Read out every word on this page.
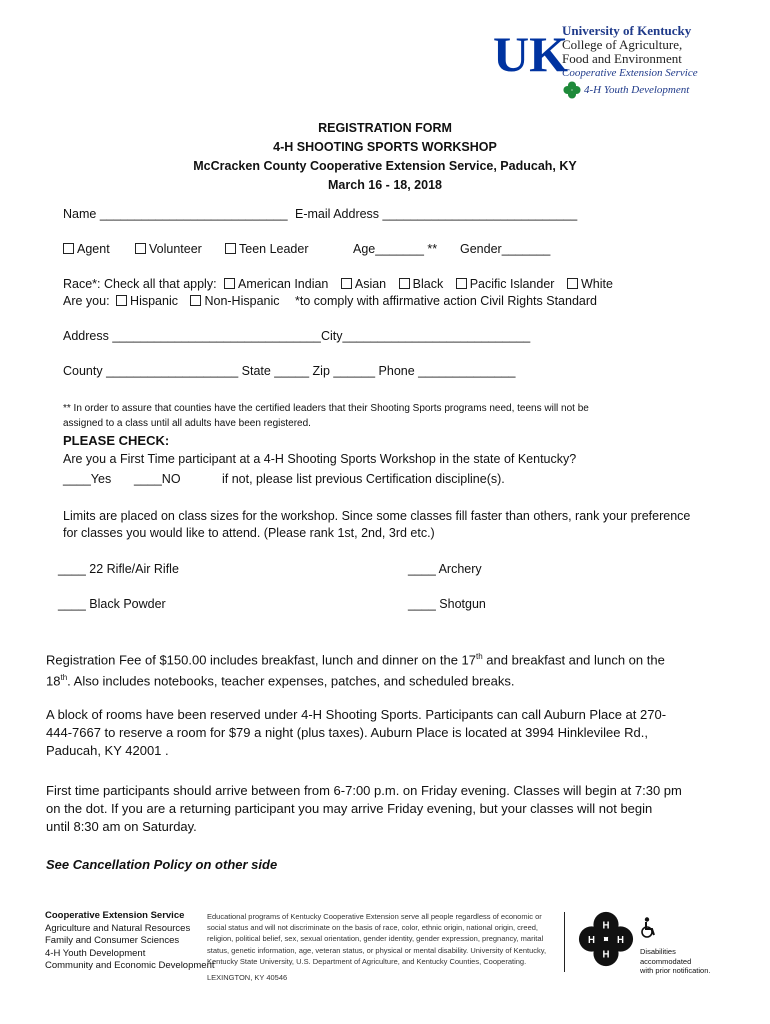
UK
University of Kentucky
College of Agriculture,
Food and Environment
Cooperative Extension Service
4-H Youth Development
REGISTRATION FORM
4-H SHOOTING SPORTS WORKSHOP
McCracken County Cooperative Extension Service, Paducah, KY
March 16 - 18, 2018
Name ___________________________ E-mail Address ____________________________
Agent	Volunteer	Teen Leader	Age_______ ** Gender_______
Race*: Check all that apply: American Indian Asian Black Pacific Islander White
Are you: Hispanic Non-Hispanic *to comply with affirmative action Civil Rights Standard
Address ______________________________ City___________________________
County ___________________ State _____ Zip ______ Phone ______________
** In order to assure that counties have the certified leaders that their Shooting Sports programs need, teens will not be
assigned to a class until all adults have been registered.
PLEASE CHECK:
Are you a First Time participant at a 4-H Shooting Sports Workshop in the state of Kentucky?
____Yes ____NO	if not, please list previous Certification discipline(s).
Limits are placed on class sizes for the workshop. Since some classes fill faster than others, rank your preference
for classes you would like to attend. (Please rank 1st, 2nd, 3rd etc.)
____ 22 Rifle/Air Rifle	____ Archery
____ Black Powder	____ Shotgun
Registration Fee of $150.00 includes breakfast, lunch and dinner on the 17th and breakfast and lunch on the
18th. Also includes notebooks, teacher expenses, patches, and scheduled breaks.
A block of rooms have been reserved under 4-H Shooting Sports. Participants can call Auburn Place at 270-
444-7667 to reserve a room for $79 a night (plus taxes). Auburn Place is located at 3994 Hinklevilee Rd.,
Paducah, KY 42001 .
First time participants should arrive between from 6-7:00 p.m. on Friday evening. Classes will begin at 7:30 pm
on the dot. If you are a returning participant you may arrive Friday evening, but your classes will not begin
until 8:30 am on Saturday.
See Cancellation Policy on other side
Cooperative Extension Service
Agriculture and Natural Resources
Family and Consumer Sciences
4-H Youth Development
Community and Economic Development
Educational programs of Kentucky Cooperative Extension serve all people regardless of economic or social status and will not discriminate on the basis of race, color, ethnic origin, national origin, creed, religion, political belief, sex, sexual orientation, gender identity, gender expression, pregnancy, marital status, genetic information, age, veteran status, or physical or mental disability. University of Kentucky, Kentucky State University, U.S. Department of Agriculture, and Kentucky Counties, Cooperating.
LEXINGTON, KY 40546
H
H
H
H
Disabilities
accommodated
with prior notification.
